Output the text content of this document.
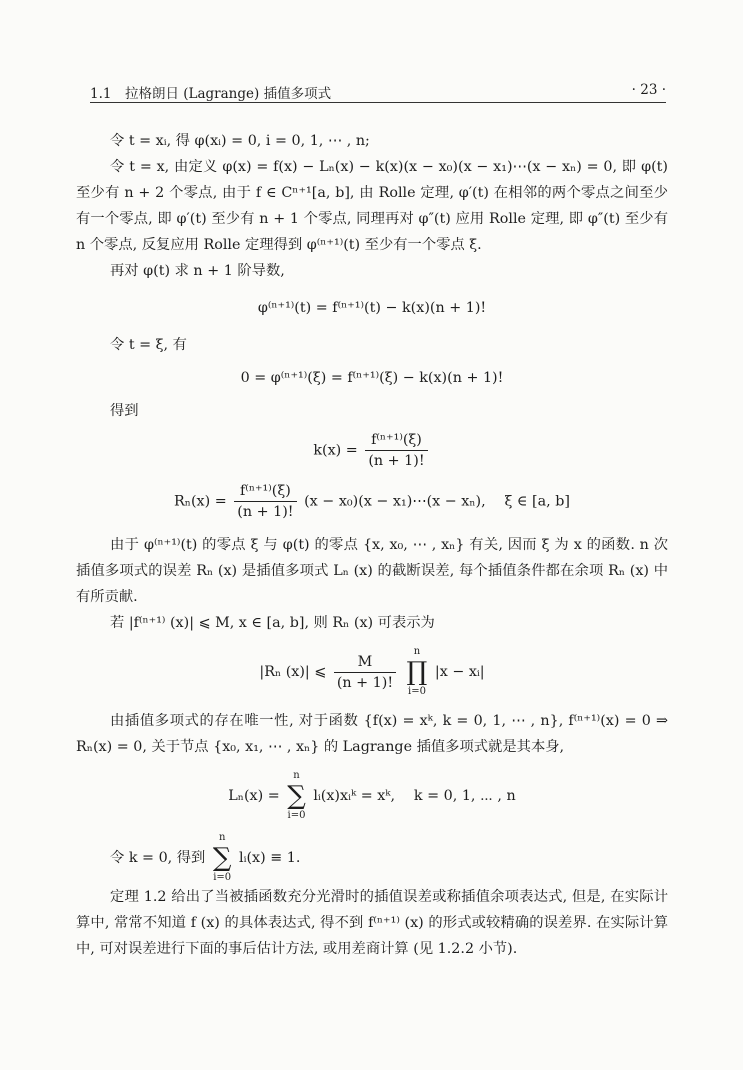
1.1　拉格朗日 (Lagrange) 插值多项式	· 23 ·

令 t = xᵢ, 得 φ(xᵢ) = 0, i = 0, 1, ⋯ , n;

令 t = x, 由定义 φ(x) = f(x) − Lₙ(x) − k(x)(x − x₀)(x − x₁)⋯(x − xₙ) = 0, 即 φ(t) 至少有 n + 2 个零点, 由于 f ∈ Cⁿ⁺¹[a, b], 由 Rolle 定理, φ′(t) 在相邻的两个零点之间至少有一个零点, 即 φ′(t) 至少有 n + 1 个零点, 同理再对 φ″(t) 应用 Rolle 定理, 即 φ″(t) 至少有 n 个零点, 反复应用 Rolle 定理得到 φ⁽ⁿ⁺¹⁾(t) 至少有一个零点 ξ.

再对 φ(t) 求 n + 1 阶导数,

φ⁽ⁿ⁺¹⁾(t) = f⁽ⁿ⁺¹⁾(t) − k(x)(n + 1)!

令 t = ξ, 有

0 = φ⁽ⁿ⁺¹⁾(ξ) = f⁽ⁿ⁺¹⁾(ξ) − k(x)(n + 1)!

得到

$k(x) = \frac{\text{f⁽ⁿ⁺¹⁾(ξ)}}{(n + 1)!}$
$R_n(x) = \frac{\text{f⁽ⁿ⁺¹⁾(ξ)}}{(n + 1)!} (x - x_0)(x$ − x₁)⋯(x − xₙ),　 ξ ∈ [a, b]

由于 φ⁽ⁿ⁺¹⁾(t) 的零点 ξ 与 φ(t) 的零点 {x, x₀, ⋯ , xₙ} 有关, 因而 ξ 为 x 的函数. n 次插值多项式的误差 Rₙ (x) 是插值多项式 Lₙ (x) 的截断误差, 每个插值条件都在余项 Rₙ (x) 中有所贡献.

若 |f⁽ⁿ⁺¹⁾ (x)| ⩽ M, x ∈ [a, b], 则 Rₙ (x) 可表示为

|Rₙ (x)| ⩽ $\frac{M}{(n + 1)!}$
	n
∏
i=0
|x − xᵢ|

由插值多项式的存在唯一性, 对于函数 {f(x) = xᵏ, k = 0, 1, ⋯ , n}, f⁽ⁿ⁺¹⁾(x) = 0 ⇒ Rₙ(x) = 0, 关于节点 {x₀, x₁, ⋯ , xₙ} 的 Lagrange 插值多项式就是其本身,

Lₙ(x) =
n
∑
i=0
lᵢ(x)xᵢᵏ = xᵏ,　 k = 0, 1, ⋯ , n

令 k = 0, 得到
n
∑
i=0
lᵢ(x) ≡ 1.

定理 1.2 给出了当被插函数充分光滑时的插值误差或称插值余项表达式, 但是, 在实际计算中, 常常不知道 f (x) 的具体表达式, 得不到 f⁽ⁿ⁺¹⁾ (x) 的形式或较精确的误差界. 在实际计算中, 可对误差进行下面的事后估计方法, 或用差商计算 (见 1.2.2 小节).
